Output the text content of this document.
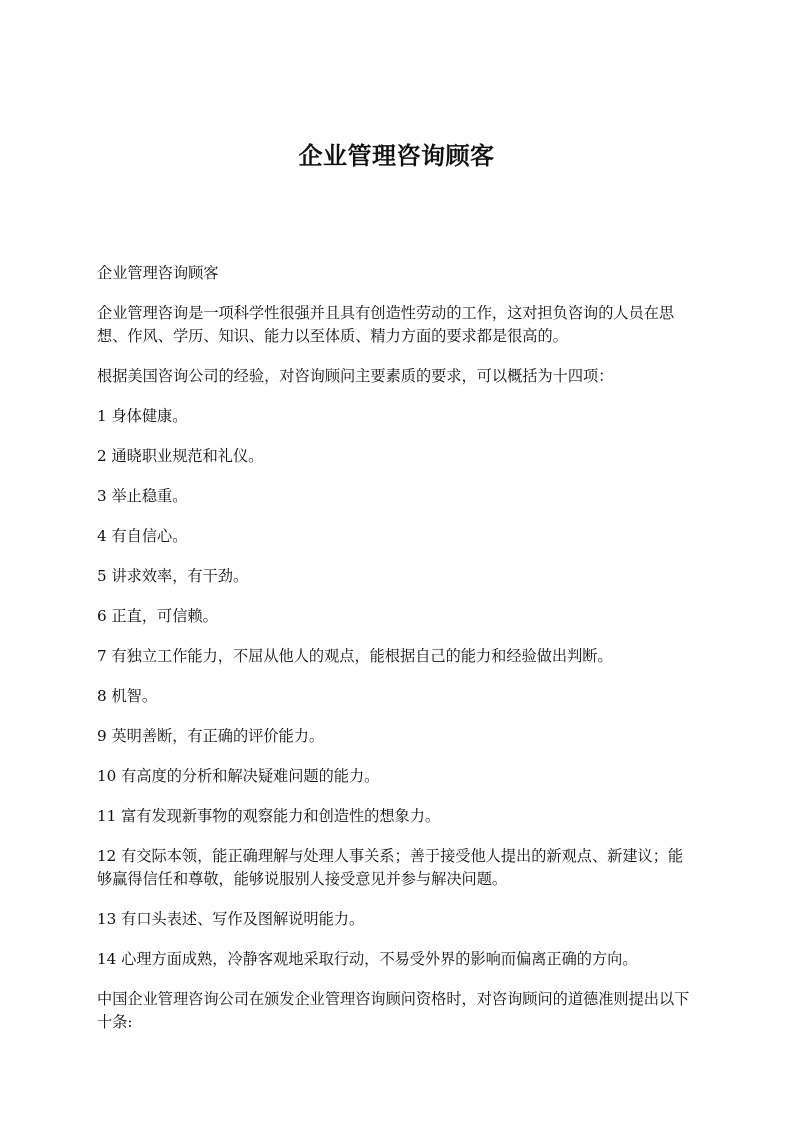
企业管理咨询顾客

企业管理咨询顾客

企业管理咨询是一项科学性很强并且具有创造性劳动的工作，这对担负咨询的人员在思想、作风、学历、知识、能力以至体质、精力方面的要求都是很高的。

根据美国咨询公司的经验，对咨询顾问主要素质的要求，可以概括为十四项：

1 身体健康。

2 通晓职业规范和礼仪。

3 举止稳重。

4 有自信心。

5 讲求效率，有干劲。

6 正直，可信赖。

7 有独立工作能力，不屈从他人的观点，能根据自己的能力和经验做出判断。

8 机智。

9 英明善断，有正确的评价能力。

10 有高度的分析和解决疑难问题的能力。

11 富有发现新事物的观察能力和创造性的想象力。

12 有交际本领，能正确理解与处理人事关系；善于接受他人提出的新观点、新建议；能够赢得信任和尊敬，能够说服别人接受意见并参与解决问题。

13 有口头表述、写作及图解说明能力。

14 心理方面成熟，冷静客观地采取行动，不易受外界的影响而偏离正确的方向。

中国企业管理咨询公司在颁发企业管理咨询顾问资格时，对咨询顾问的道德准则提出以下十条:
